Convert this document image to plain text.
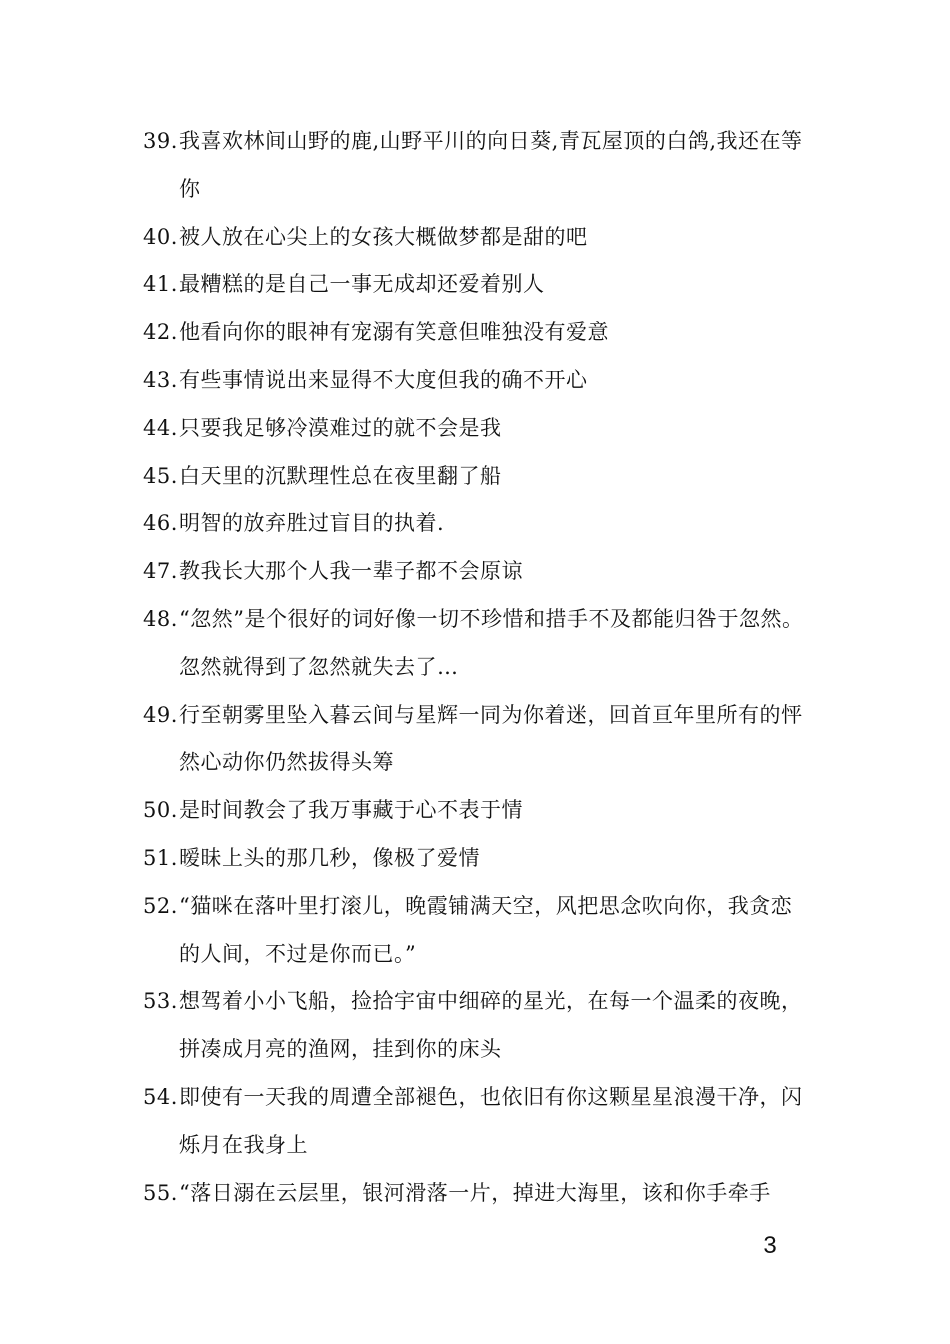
39. 我喜欢林间山野的鹿,山野平川的向日葵,青瓦屋顶的白鸽,我还在等你
40. 被人放在心尖上的女孩大概做梦都是甜的吧
41. 最糟糕的是自己一事无成却还爱着别人
42. 他看向你的眼神有宠溺有笑意但唯独没有爱意
43. 有些事情说出来显得不大度但我的确不开心
44. 只要我足够冷漠难过的就不会是我
45. 白天里的沉默理性总在夜里翻了船
46. 明智的放弃胜过盲目的执着.
47. 教我长大那个人我一辈子都不会原谅
48. “忽然”是个很好的词好像一切不珍惜和措手不及都能归咎于忽然。忽然就得到了忽然就失去了…
49. 行至朝雾里坠入暮云间与星辉一同为你着迷，回首亘年里所有的怦然心动你仍然拔得头筹
50. 是时间教会了我万事藏于心不表于情
51. 暧昧上头的那几秒，像极了爱情
52. “猫咪在落叶里打滚儿，晚霞铺满天空，风把思念吹向你，我贪恋的人间，不过是你而已。”
53. 想驾着小小飞船，捡拾宇宙中细碎的星光，在每一个温柔的夜晚，拼凑成月亮的渔网，挂到你的床头
54. 即使有一天我的周遭全部褪色，也依旧有你这颗星星浪漫干净，闪烁月在我身上
55. “落日溺在云层里，银河滑落一片，掉进大海里，该和你手牵手
3
